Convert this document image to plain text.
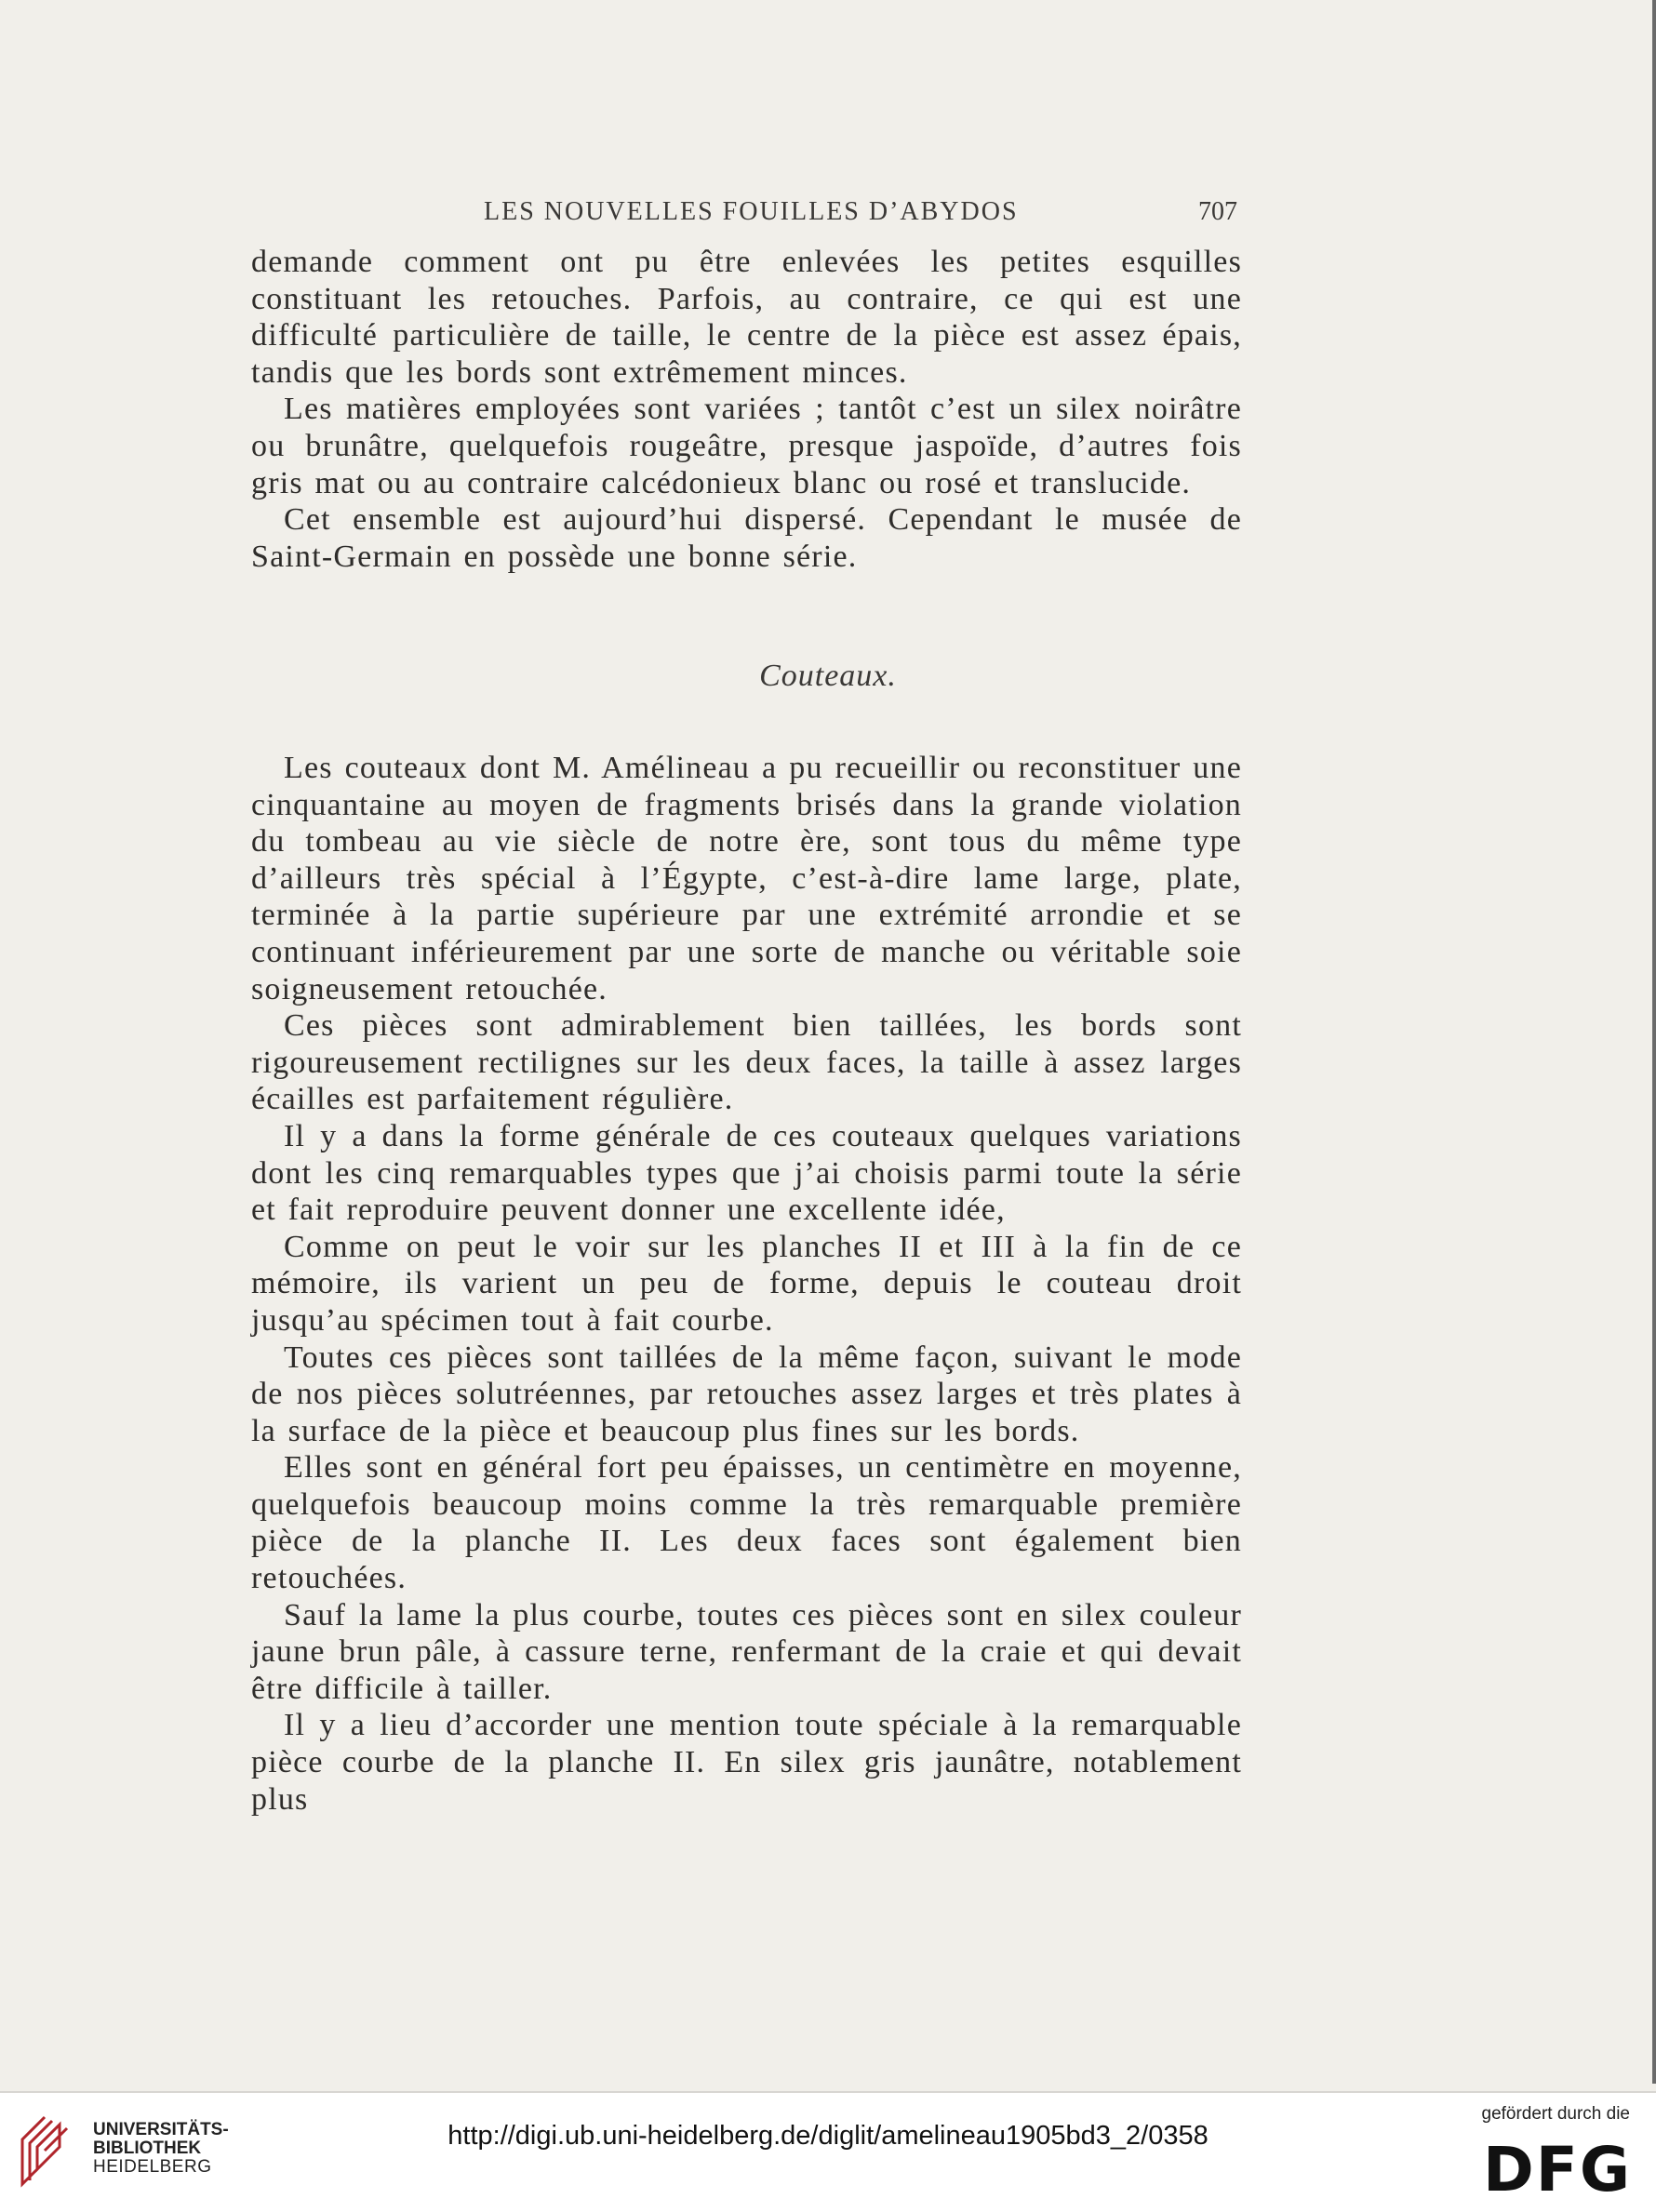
LES NOUVELLES FOUILLES D’ABYDOS	707

demande comment ont pu être enlevées les petites esquilles constituant les retouches. Parfois, au contraire, ce qui est une difficulté particulière de taille, le centre de la pièce est assez épais, tandis que les bords sont extrêmement minces.

Les matières employées sont variées ; tantôt c’est un silex noirâtre ou brunâtre, quelquefois rougeâtre, presque jaspoïde, d’autres fois gris mat ou au contraire calcédonieux blanc ou rosé et translucide.

Cet ensemble est aujourd’hui dispersé. Cependant le musée de Saint-Germain en possède une bonne série.

Couteaux.

Les couteaux dont M. Amélineau a pu recueillir ou reconstituer une cinquantaine au moyen de fragments brisés dans la grande violation du tombeau au vie siècle de notre ère, sont tous du même type d’ailleurs très spécial à l’Égypte, c’est-à-dire lame large, plate, terminée à la partie supérieure par une extrémité arrondie et se continuant inférieurement par une sorte de manche ou véritable soie soigneusement retouchée.

Ces pièces sont admirablement bien taillées, les bords sont rigoureusement rectilignes sur les deux faces, la taille à assez larges écailles est parfaitement régulière.

Il y a dans la forme générale de ces couteaux quelques variations dont les cinq remarquables types que j’ai choisis parmi toute la série et fait reproduire peuvent donner une excellente idée,

Comme on peut le voir sur les planches II et III à la fin de ce mémoire, ils varient un peu de forme, depuis le couteau droit jusqu’au spécimen tout à fait courbe.

Toutes ces pièces sont taillées de la même façon, suivant le mode de nos pièces solutréennes, par retouches assez larges et très plates à la surface de la pièce et beaucoup plus fines sur les bords.

Elles sont en général fort peu épaisses, un centimètre en moyenne, quelquefois beaucoup moins comme la très remarquable première pièce de la planche II. Les deux faces sont également bien retouchées.

Sauf la lame la plus courbe, toutes ces pièces sont en silex couleur jaune brun pâle, à cassure terne, renfermant de la craie et qui devait être difficile à tailler.

Il y a lieu d’accorder une mention toute spéciale à la remarquable pièce courbe de la planche II. En silex gris jaunâtre, notablement plus

UNIVERSITÄTS-
BIBLIOTHEK
HEIDELBERG
http://digi.ub.uni-heidelberg.de/diglit/amelineau1905bd3_2/0358
gefördert durch die
DFG
